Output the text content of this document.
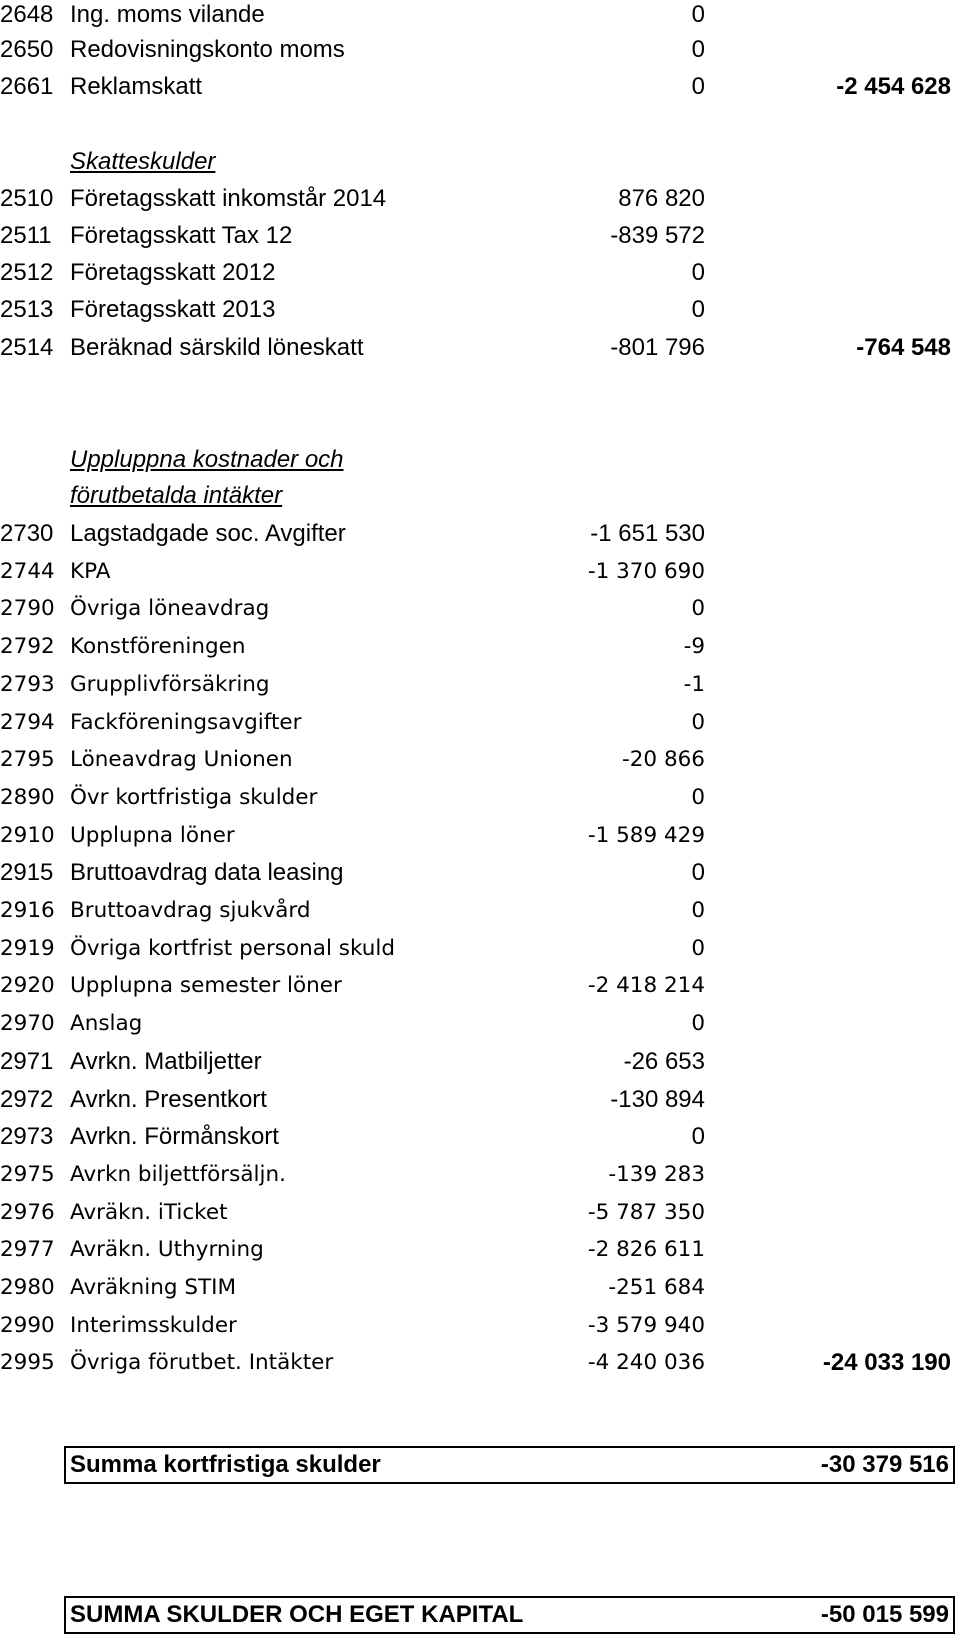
2648 Ing. moms vilande	0
2650 Redovisningskonto moms	0
2661 Reklamskatt	0	-2 454 628
Skatteskulder
2510 Företagsskatt inkomstår 2014	876 820
2511 Företagsskatt Tax 12	-839 572
2512 Företagsskatt 2012	0
2513 Företagsskatt 2013	0
2514 Beräknad särskild löneskatt	-801 796	-764 548
Uppluppna kostnader och
förutbetalda intäkter
2730 Lagstadgade soc. Avgifter	-1 651 530
2744 KPA	-1 370 690
2790 Övriga löneavdrag	0
2792 Konstföreningen	-9
2793 Grupplivförsäkring	-1
2794 Fackföreningsavgifter	0
2795 Löneavdrag Unionen	-20 866
2890 Övr kortfristiga skulder	0
2910 Upplupna löner	-1 589 429
2915 Bruttoavdrag data leasing	0
2916 Bruttoavdrag sjukvård	0
2919 Övriga kortfrist personal skuld	0
2920 Upplupna semester löner	-2 418 214
2970 Anslag	0
2971 Avrkn. Matbiljetter	-26 653
2972 Avrkn. Presentkort	-130 894
2973 Avrkn. Förmånskort	0
2975 Avrkn biljettförsäljn.	-139 283
2976 Avräkn. iTicket	-5 787 350
2977 Avräkn. Uthyrning	-2 826 611
2980 Avräkning STIM	-251 684
2990 Interimsskulder	-3 579 940
2995 Övriga förutbet. Intäkter	-4 240 036	-24 033 190
Summa kortfristiga skulder	-30 379 516
SUMMA SKULDER OCH EGET KAPITAL	-50 015 599
